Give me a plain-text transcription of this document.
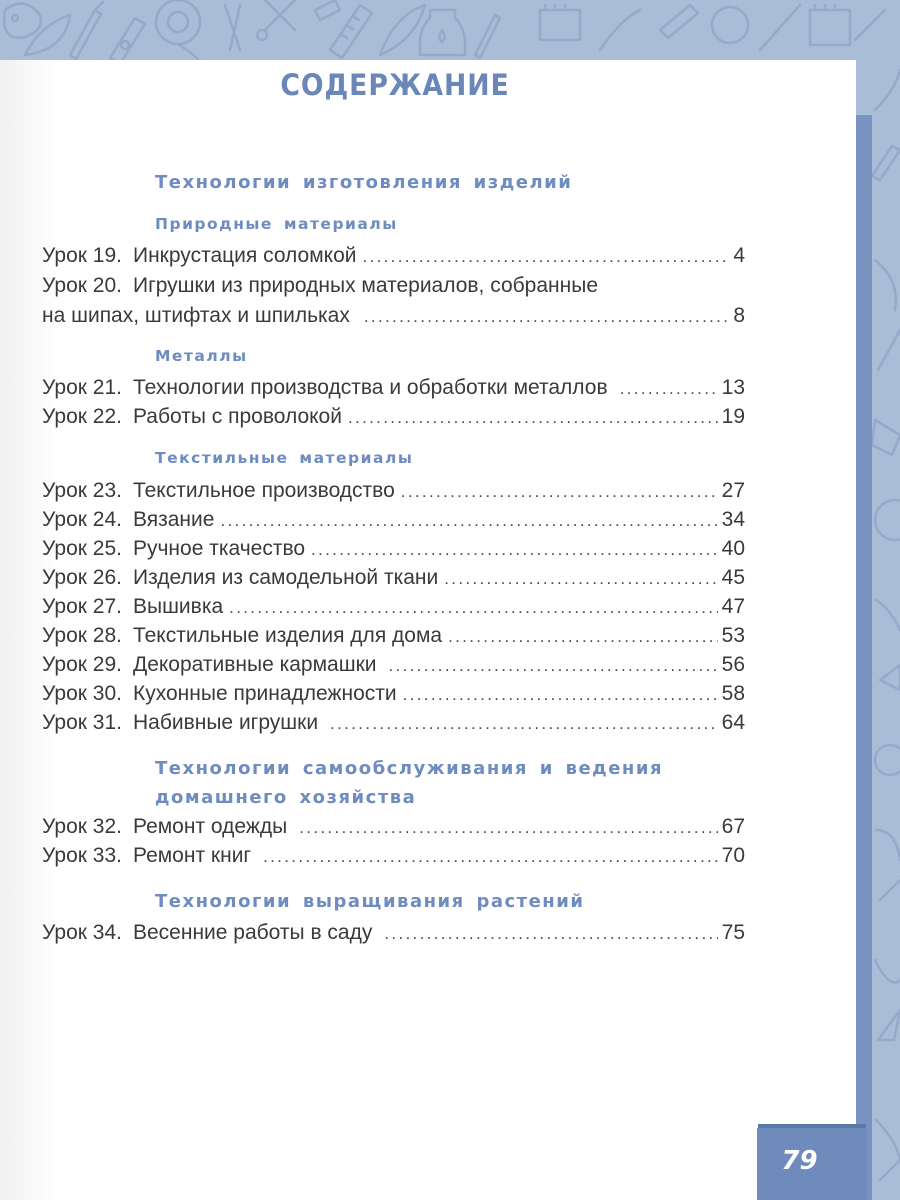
СОДЕРЖАНИЕ
Технологии изготовления изделий
Природные материалы
Урок 19. Инкрустация соломкой . . .	4
Урок 20. Игрушки из природных материалов, собранные
на шипах, штифтах и шпильках . . .	8
Металлы
Урок 21. Технологии производства и обработки металлов . . .	13
Урок 22. Работы с проволокой . . .	19
Текстильные материалы
Урок 23. Текстильное производство . . .	27
Урок 24. Вязание . . .	34
Урок 25. Ручное ткачество . . .	40
Урок 26. Изделия из самодельной ткани . . .	45
Урок 27. Вышивка . . .	47
Урок 28. Текстильные изделия для дома . . .	53
Урок 29. Декоративные кармашки . . .	56
Урок 30. Кухонные принадлежности . . .	58
Урок 31. Набивные игрушки . . .	64
Технологии самообслуживания и ведения
домашнего хозяйства
Урок 32. Ремонт одежды . . .	67
Урок 33. Ремонт книг . . .	70
Технологии выращивания растений
Урок 34. Весенние работы в саду . . .	75
79
